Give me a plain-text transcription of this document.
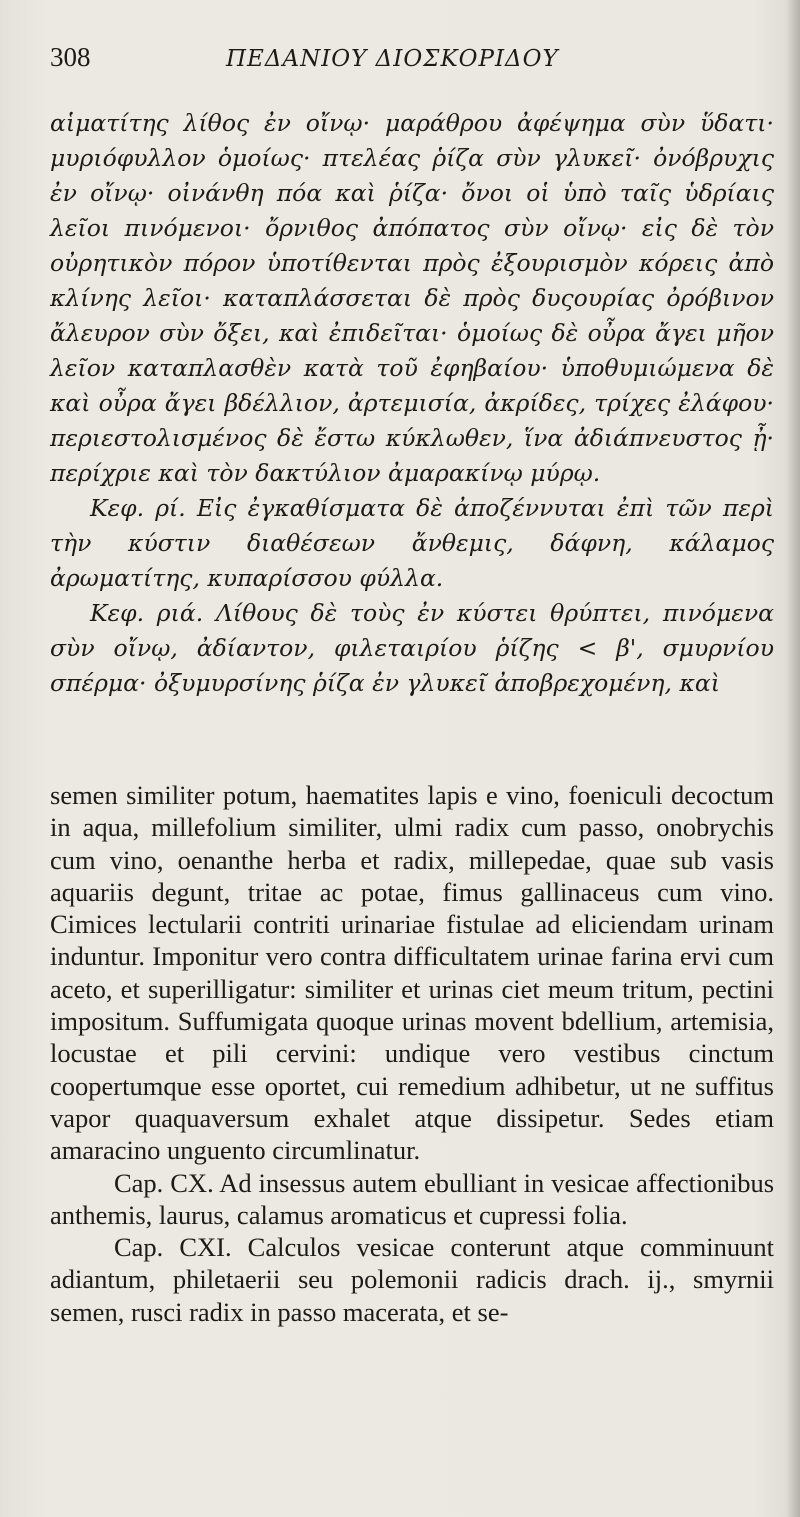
308	ΠΕΔΑΝΙΟΥ ΔΙΟΣΚΟΡΙΔΟΥ

αἱματίτης λίθος ἐν οἴνῳ· μαράθρου ἀφέψημα σὺν ὕδατι· μυριόφυλλον ὁμοίως· πτελέας ῥίζα σὺν γλυκεῖ· ὀνόβρυχις ἐν οἴνῳ· οἰνάνθη πόα καὶ ῥίζα· ὄνοι οἱ ὑπὸ ταῖς ὑδρίαις λεῖοι πινόμενοι· ὄρνιθος ἀπόπατος σὺν οἴνῳ· εἰς δὲ τὸν οὐρητικὸν πόρον ὑποτίθενται πρὸς ἐξουρισμὸν κόρεις ἀπὸ κλίνης λεῖοι· καταπλάσσεται δὲ πρὸς δυςουρίας ὀρόβινον ἄλευρον σὺν ὄξει, καὶ ἐπιδεῖται· ὁμοίως δὲ οὖρα ἄγει μῆον λεῖον καταπλασθὲν κατὰ τοῦ ἐφηβαίου· ὑποθυμιώμενα δὲ καὶ οὖρα ἄγει βδέλλιον, ἀρτεμισία, ἀκρίδες, τρίχες ἐλάφου· περιεστολισμένος δὲ ἔστω κύκλωθεν, ἵνα ἀδιάπνευστος ᾖ· περίχριε καὶ τὸν δακτύλιον ἀμαρακίνῳ μύρῳ.

Κεφ. ρί. Εἰς ἐγκαθίσματα δὲ ἀποζέννυται ἐπὶ τῶν περὶ τὴν κύστιν διαθέσεων ἄνθεμις, δάφνη, κάλαμος ἀρωματίτης, κυπαρίσσου φύλλα.

Κεφ. ριά. Λίθους δὲ τοὺς ἐν κύστει θρύπτει, πινόμενα σὺν οἴνῳ, ἀδίαντον, φιλεταιρίου ῥίζης < β', σμυρνίου σπέρμα· ὀξυμυρσίνης ῥίζα ἐν γλυκεῖ ἀποβρεχομένη, καὶ

semen similiter potum, haematites lapis e vino, foeniculi decoctum in aqua, millefolium similiter, ulmi radix cum passo, onobrychis cum vino, oenanthe herba et radix, millepedae, quae sub vasis aquariis degunt, tritae ac potae, fimus gallinaceus cum vino. Cimices lectularii contriti urinariae fistulae ad eliciendam urinam induntur. Imponitur vero contra difficultatem urinae farina ervi cum aceto, et superilligatur: similiter et urinas ciet meum tritum, pectini impositum. Suffumigata quoque urinas movent bdellium, artemisia, locustae et pili cervini: undique vero vestibus cinctum coopertumque esse oportet, cui remedium adhibetur, ut ne suffitus vapor quaquaversum exhalet atque dissipetur. Sedes etiam amaracino unguento circumlinatur.

Cap. CX. Ad insessus autem ebulliant in vesicae affectionibus anthemis, laurus, calamus aromaticus et cupressi folia.

Cap. CXI. Calculos vesicae conterunt atque comminuunt adiantum, philetaerii seu polemonii radicis drach. ij., smyrnii semen, rusci radix in passo macerata, et se-
